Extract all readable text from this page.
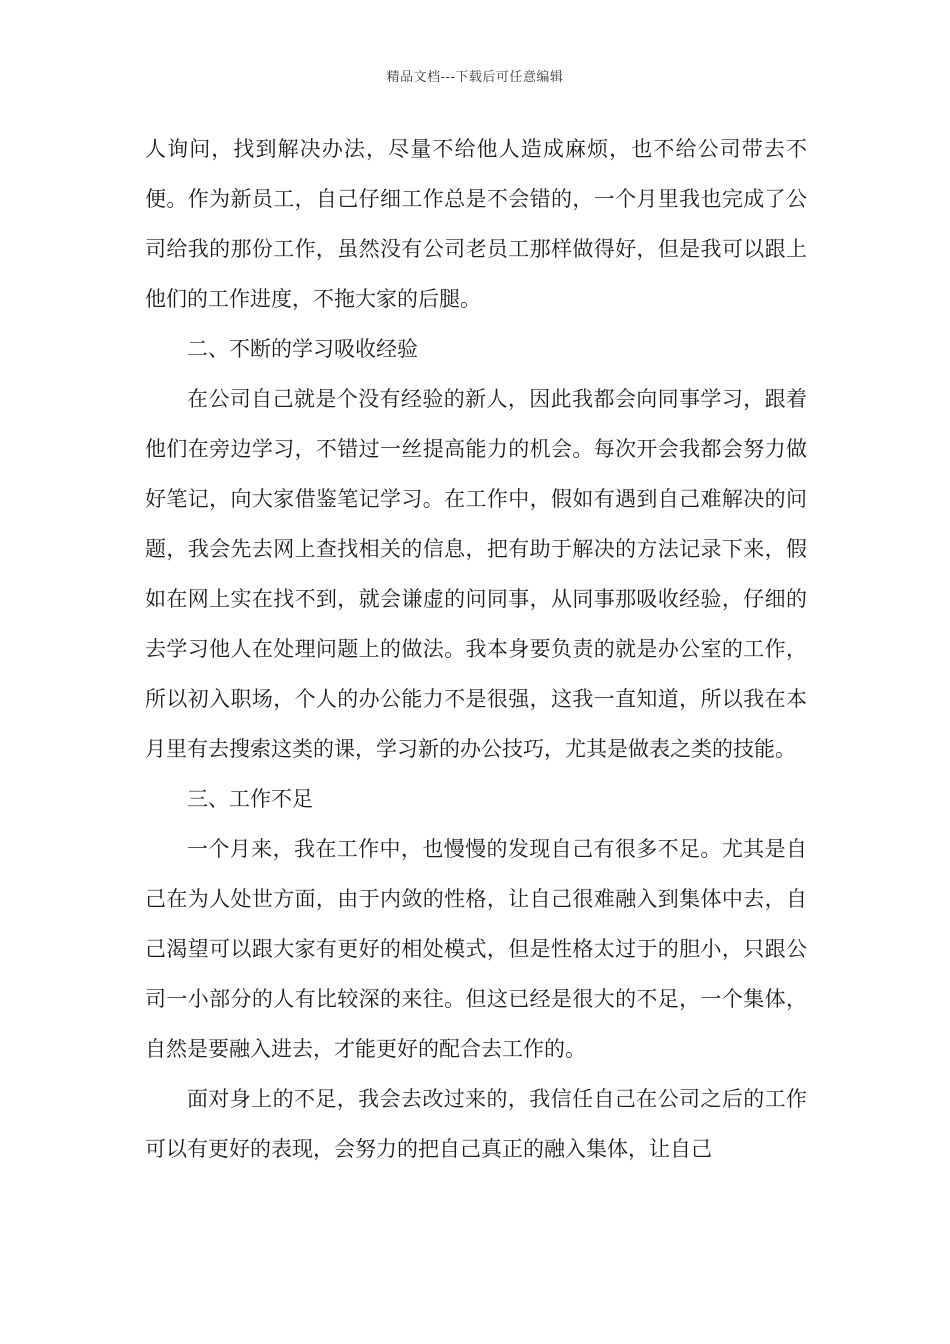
精品文档---下载后可任意编辑

人询问，找到解决办法，尽量不给他人造成麻烦，也不给公司带去不便。作为新员工，自己仔细工作总是不会错的，一个月里我也完成了公司给我的那份工作，虽然没有公司老员工那样做得好，但是我可以跟上他们的工作进度，不拖大家的后腿。

二、不断的学习吸收经验

在公司自己就是个没有经验的新人，因此我都会向同事学习，跟着他们在旁边学习，不错过一丝提高能力的机会。每次开会我都会努力做好笔记，向大家借鉴笔记学习。在工作中，假如有遇到自己难解决的问题，我会先去网上查找相关的信息，把有助于解决的方法记录下来，假如在网上实在找不到，就会谦虚的问同事，从同事那吸收经验，仔细的去学习他人在处理问题上的做法。我本身要负责的就是办公室的工作，所以初入职场，个人的办公能力不是很强，这我一直知道，所以我在本月里有去搜索这类的课，学习新的办公技巧，尤其是做表之类的技能。

三、工作不足

一个月来，我在工作中，也慢慢的发现自己有很多不足。尤其是自己在为人处世方面，由于内敛的性格，让自己很难融入到集体中去，自己渴望可以跟大家有更好的相处模式，但是性格太过于的胆小，只跟公司一小部分的人有比较深的来往。但这已经是很大的不足，一个集体，自然是要融入进去，才能更好的配合去工作的。

面对身上的不足，我会去改过来的，我信任自己在公司之后的工作可以有更好的表现，会努力的把自己真正的融入集体，让自己
